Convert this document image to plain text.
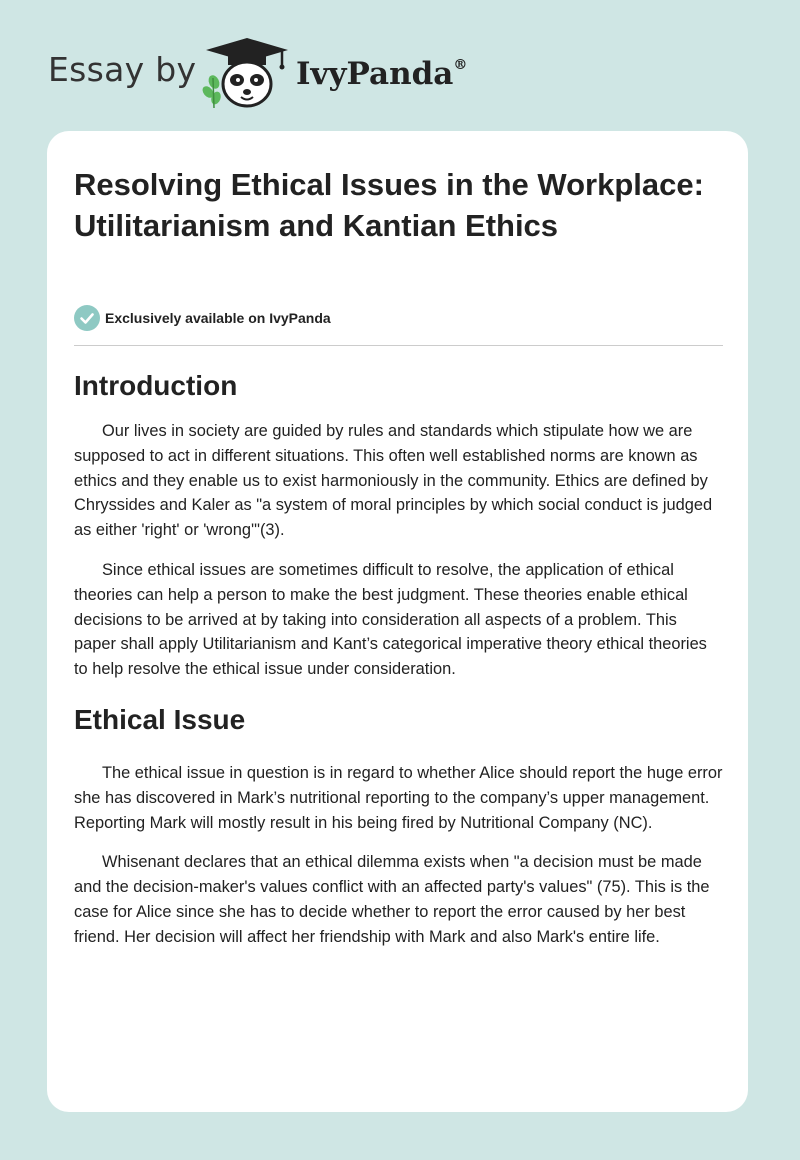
Essay by	IvyPanda®
Resolving Ethical Issues in the Workplace: Utilitarianism and Kantian Ethics
Exclusively available on IvyPanda
Introduction

Our lives in society are guided by rules and standards which stipulate how we are supposed to act in different situations. This often well established norms are known as ethics and they enable us to exist harmoniously in the community. Ethics are defined by Chryssides and Kaler as "a system of moral principles by which social conduct is judged as either 'right' or 'wrong'"(3).

Since ethical issues are sometimes difficult to resolve, the application of ethical theories can help a person to make the best judgment. These theories enable ethical decisions to be arrived at by taking into consideration all aspects of a problem. This paper shall apply Utilitarianism and Kant’s categorical imperative theory ethical theories to help resolve the ethical issue under consideration.

Ethical Issue

The ethical issue in question is in regard to whether Alice should report the huge error she has discovered in Mark’s nutritional reporting to the company’s upper management. Reporting Mark will mostly result in his being fired by Nutritional Company (NC).

Whisenant declares that an ethical dilemma exists when "a decision must be made and the decision-maker's values conflict with an affected party's values" (75). This is the case for Alice since she has to decide whether to report the error caused by her best friend. Her decision will affect her friendship with Mark and also Mark's entire life.
